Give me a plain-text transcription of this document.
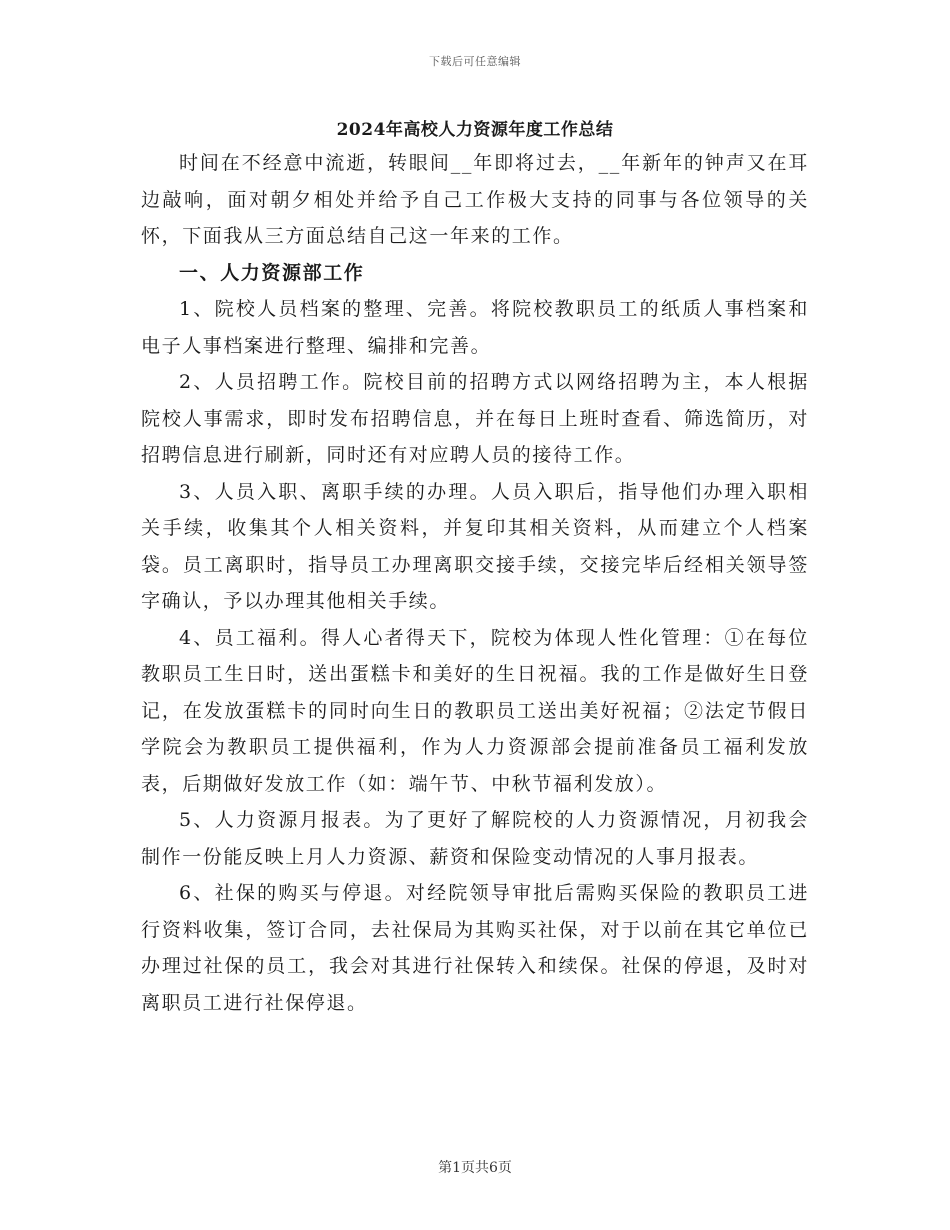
下载后可任意编辑
2024年高校人力资源年度工作总结

时间在不经意中流逝，转眼间__年即将过去，__年新年的钟声又在耳边敲响，面对朝夕相处并给予自己工作极大支持的同事与各位领导的关怀，下面我从三方面总结自己这一年来的工作。

一、人力资源部工作

1、院校人员档案的整理、完善。将院校教职员工的纸质人事档案和电子人事档案进行整理、编排和完善。

2、人员招聘工作。院校目前的招聘方式以网络招聘为主，本人根据院校人事需求，即时发布招聘信息，并在每日上班时查看、筛选简历，对招聘信息进行刷新，同时还有对应聘人员的接待工作。

3、人员入职、离职手续的办理。人员入职后，指导他们办理入职相关手续，收集其个人相关资料，并复印其相关资料，从而建立个人档案袋。员工离职时，指导员工办理离职交接手续，交接完毕后经相关领导签字确认，予以办理其他相关手续。

4、员工福利。得人心者得天下，院校为体现人性化管理：①在每位教职员工生日时，送出蛋糕卡和美好的生日祝福。我的工作是做好生日登记，在发放蛋糕卡的同时向生日的教职员工送出美好祝福；②法定节假日学院会为教职员工提供福利，作为人力资源部会提前准备员工福利发放表，后期做好发放工作（如：端午节、中秋节福利发放）。

5、人力资源月报表。为了更好了解院校的人力资源情况，月初我会制作一份能反映上月人力资源、薪资和保险变动情况的人事月报表。

6、社保的购买与停退。对经院领导审批后需购买保险的教职员工进行资料收集，签订合同，去社保局为其购买社保，对于以前在其它单位已办理过社保的员工，我会对其进行社保转入和续保。社保的停退，及时对离职员工进行社保停退。

第1页共6页
